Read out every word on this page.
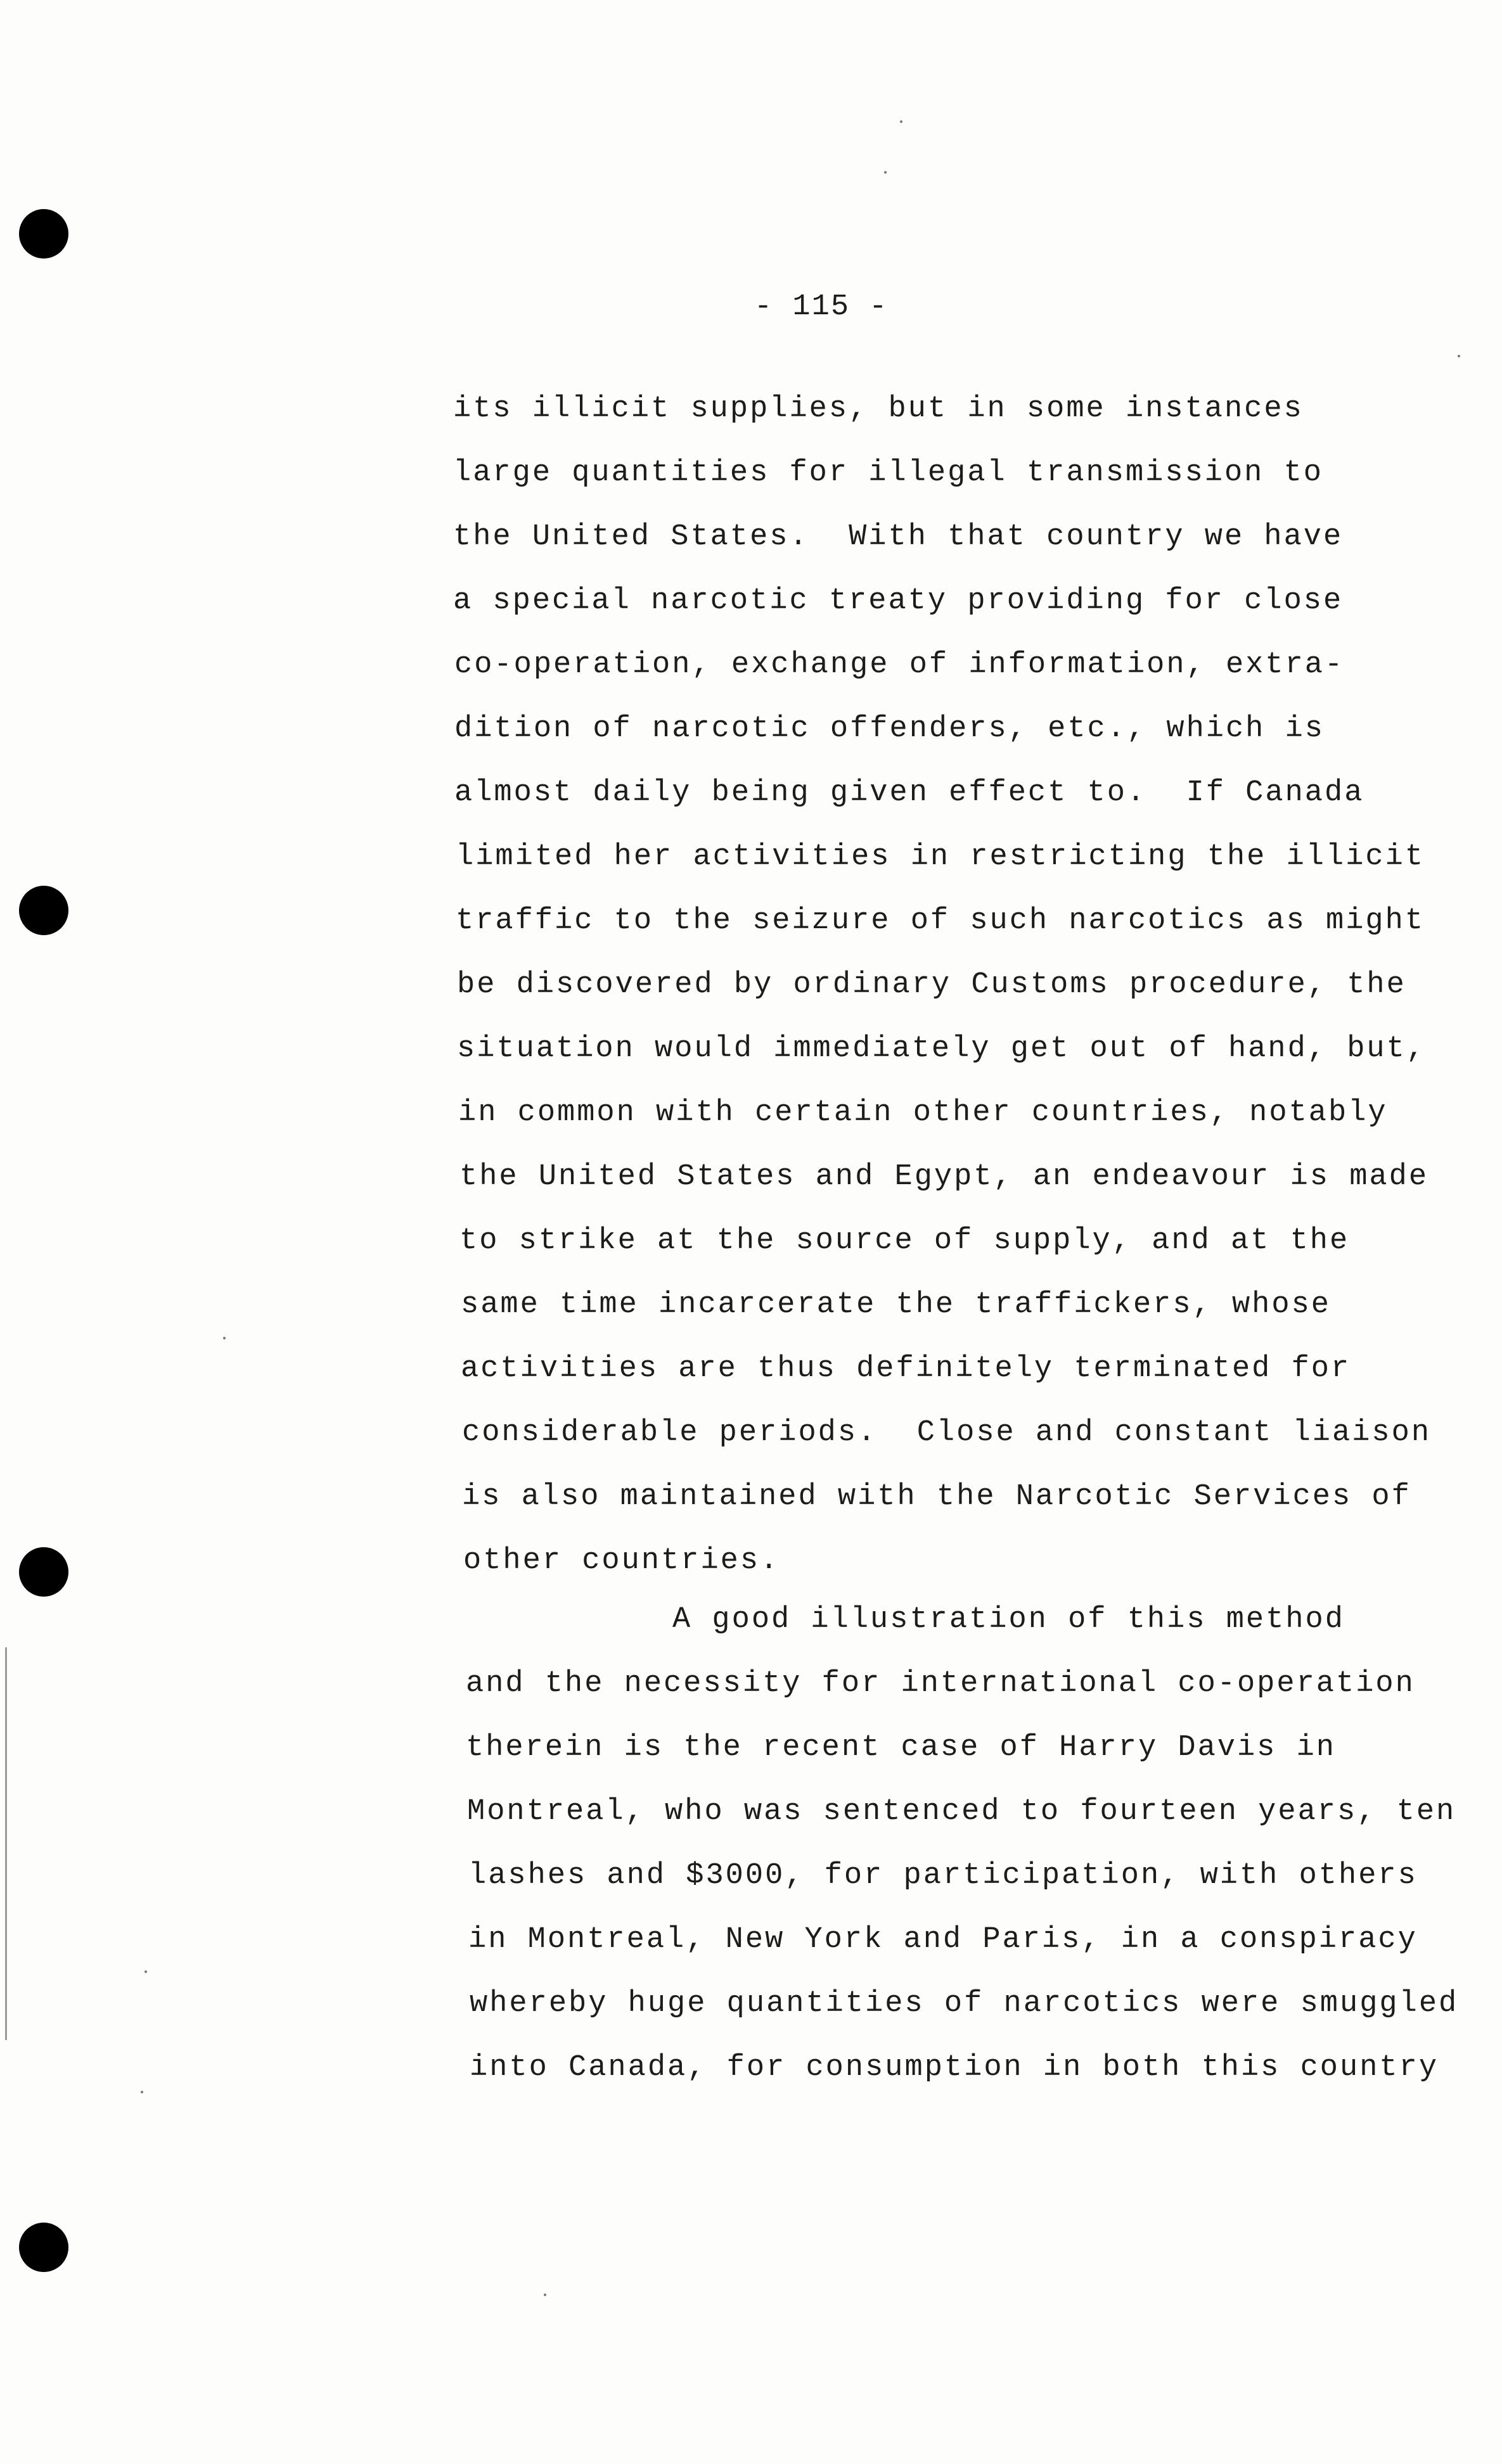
- 115 -
its illicit supplies, but in some instances
large quantities for illegal transmission to
the United States.  With that country we have
a special narcotic treaty providing for close
co-operation, exchange of information, extra-
dition of narcotic offenders, etc., which is
almost daily being given effect to.  If Canada
limited her activities in restricting the illicit
traffic to the seizure of such narcotics as might
be discovered by ordinary Customs procedure, the
situation would immediately get out of hand, but,
in common with certain other countries, notably
the United States and Egypt, an endeavour is made
to strike at the source of supply, and at the
same time incarcerate the traffickers, whose
activities are thus definitely terminated for
considerable periods.  Close and constant liaison
is also maintained with the Narcotic Services of
other countries.
A good illustration of this method
and the necessity for international co-operation
therein is the recent case of Harry Davis in
Montreal, who was sentenced to fourteen years, ten
lashes and $3000, for participation, with others
in Montreal, New York and Paris, in a conspiracy
whereby huge quantities of narcotics were smuggled
into Canada, for consumption in both this country
